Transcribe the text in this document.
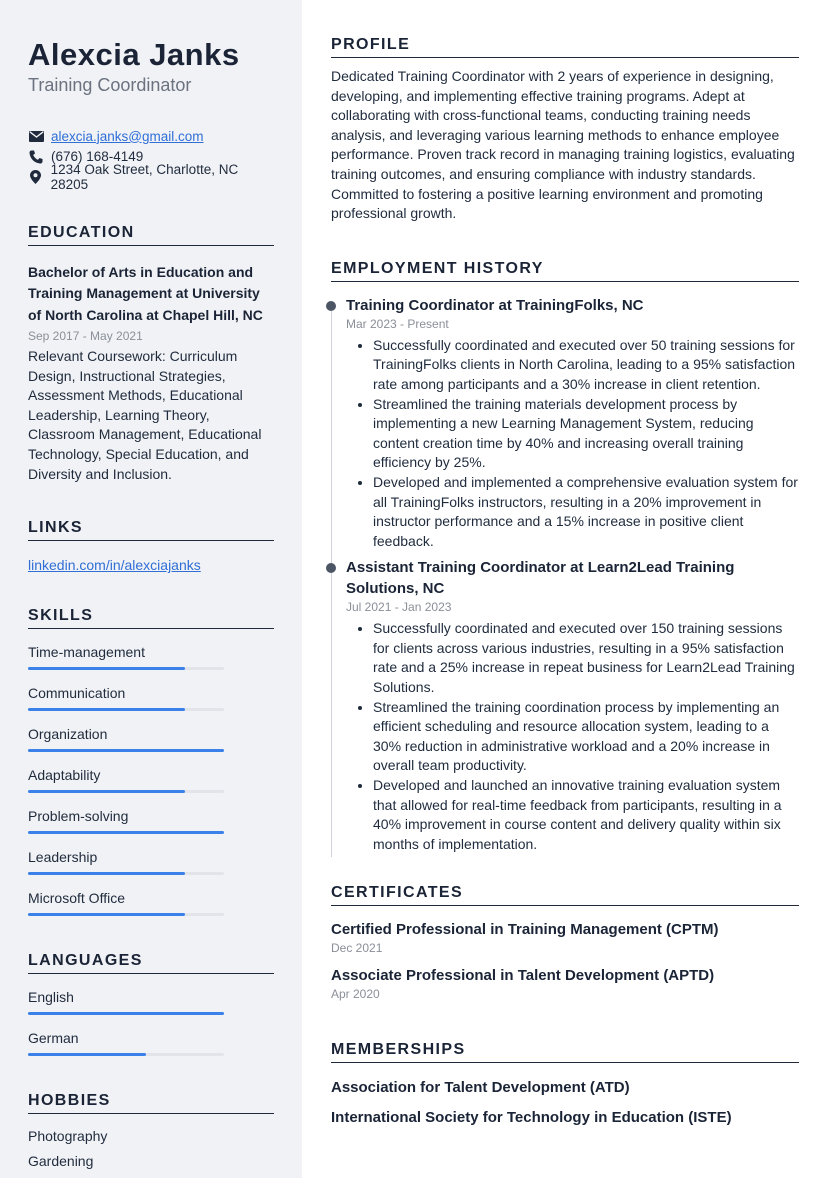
Alexcia Janks
Training Coordinator
alexcia.janks@gmail.com
(676) 168-4149
1234 Oak Street, Charlotte, NC 28205
EDUCATION
Bachelor of Arts in Education and Training Management at University of North Carolina at Chapel Hill, NC
Sep 2017 - May 2021
Relevant Coursework: Curriculum Design, Instructional Strategies, Assessment Methods, Educational Leadership, Learning Theory, Classroom Management, Educational Technology, Special Education, and Diversity and Inclusion.
LINKS
linkedin.com/in/alexciajanks
SKILLS
Time-management
Communication
Organization
Adaptability
Problem-solving
Leadership
Microsoft Office
LANGUAGES
English
German
HOBBIES
Photography
Gardening
PROFILE
Dedicated Training Coordinator with 2 years of experience in designing, developing, and implementing effective training programs. Adept at collaborating with cross-functional teams, conducting training needs analysis, and leveraging various learning methods to enhance employee performance. Proven track record in managing training logistics, evaluating training outcomes, and ensuring compliance with industry standards. Committed to fostering a positive learning environment and promoting professional growth.
EMPLOYMENT HISTORY
Training Coordinator at TrainingFolks, NC
Mar 2023 - Present
• Successfully coordinated and executed over 50 training sessions for TrainingFolks clients in North Carolina, leading to a 95% satisfaction rate among participants and a 30% increase in client retention.
• Streamlined the training materials development process by implementing a new Learning Management System, reducing content creation time by 40% and increasing overall training efficiency by 25%.
• Developed and implemented a comprehensive evaluation system for all TrainingFolks instructors, resulting in a 20% improvement in instructor performance and a 15% increase in positive client feedback.
Assistant Training Coordinator at Learn2Lead Training Solutions, NC
Jul 2021 - Jan 2023
• Successfully coordinated and executed over 150 training sessions for clients across various industries, resulting in a 95% satisfaction rate and a 25% increase in repeat business for Learn2Lead Training Solutions.
• Streamlined the training coordination process by implementing an efficient scheduling and resource allocation system, leading to a 30% reduction in administrative workload and a 20% increase in overall team productivity.
• Developed and launched an innovative training evaluation system that allowed for real-time feedback from participants, resulting in a 40% improvement in course content and delivery quality within six months of implementation.
CERTIFICATES
Certified Professional in Training Management (CPTM)
Dec 2021
Associate Professional in Talent Development (APTD)
Apr 2020
MEMBERSHIPS
Association for Talent Development (ATD)
International Society for Technology in Education (ISTE)
